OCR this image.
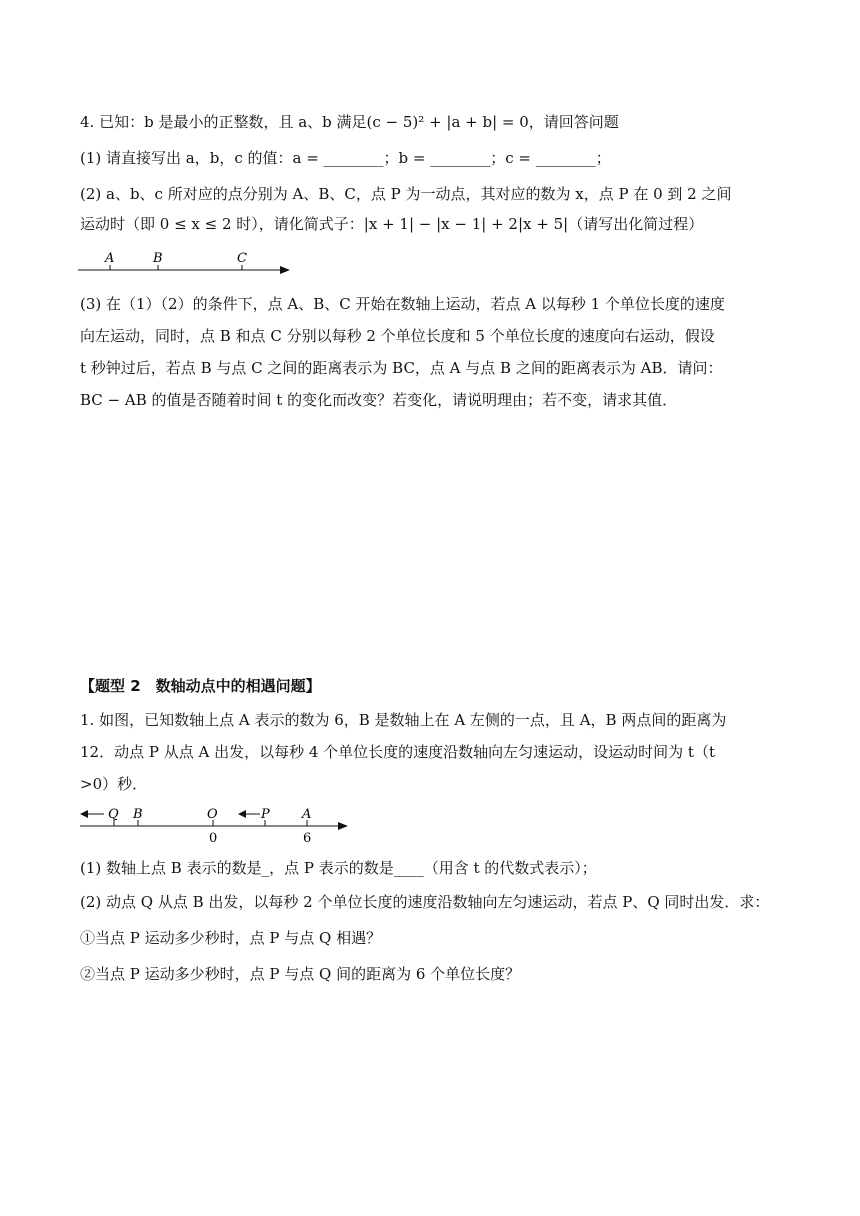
4. 已知：b 是最小的正整数，且 a、b 满足(c − 5)² + |a + b| = 0，请回答问题
(1) 请直接写出 a，b，c 的值：a = ________；b = ________；c = ________；
(2) a、b、c 所对应的点分别为 A、B、C，点 P 为一动点，其对应的数为 x，点 P 在 0 到 2 之间
运动时（即 0 ≤ x ≤ 2 时），请化简式子：|x + 1| − |x − 1| + 2|x + 5|（请写出化简过程）
A	B	C
(3) 在（1）（2）的条件下，点 A、B、C 开始在数轴上运动，若点 A 以每秒 1 个单位长度的速度
向左运动，同时，点 B 和点 C 分别以每秒 2 个单位长度和 5 个单位长度的速度向右运动，假设
t 秒钟过后，若点 B 与点 C 之间的距离表示为 BC，点 A 与点 B 之间的距离表示为 AB．请问：
BC − AB 的值是否随着时间 t 的变化而改变？若变化，请说明理由；若不变，请求其值．
【题型 2　数轴动点中的相遇问题】
1. 如图，已知数轴上点 A 表示的数为 6，B 是数轴上在 A 左侧的一点，且 A，B 两点间的距离为
12．动点 P 从点 A 出发，以每秒 4 个单位长度的速度沿数轴向左匀速运动，设运动时间为 t（t
>0）秒．
Q B	O	P A
0	6
(1) 数轴上点 B 表示的数是_，点 P 表示的数是____（用含 t 的代数式表示）；
(2) 动点 Q 从点 B 出发，以每秒 2 个单位长度的速度沿数轴向左匀速运动，若点 P、Q 同时出发．求：
①当点 P 运动多少秒时，点 P 与点 Q 相遇？
②当点 P 运动多少秒时，点 P 与点 Q 间的距离为 6 个单位长度？
